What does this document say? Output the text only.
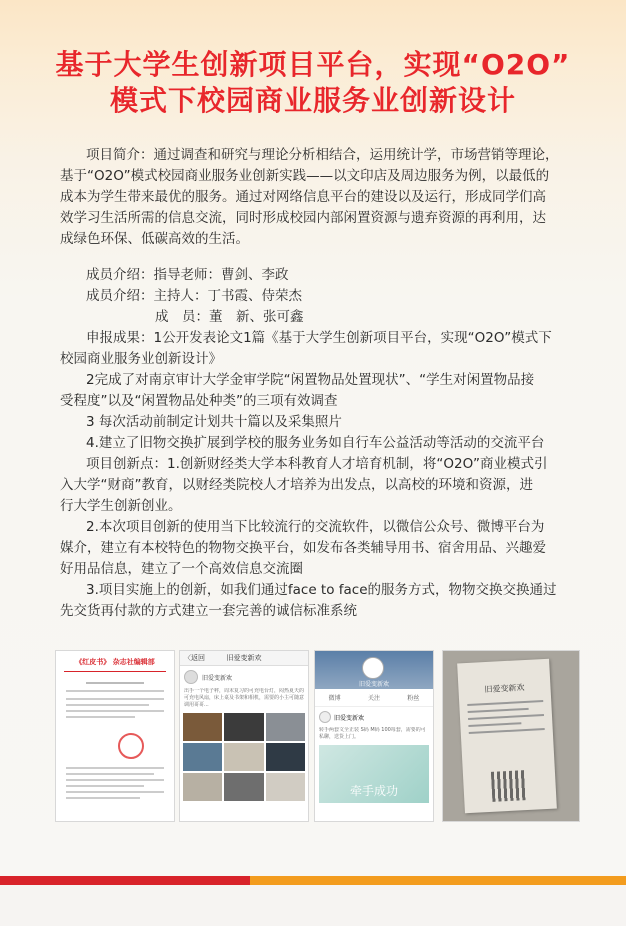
基于大学生创新项目平台，实现“O2O”
模式下校园商业服务业创新设计
项目简介：通过调查和研究与理论分析相结合，运用统计学，市场营销等理论，
基于“O2O”模式校园商业服务业创新实践——以文印店及周边服务为例，以最低的
成本为学生带来最优的服务。通过对网络信息平台的建设以及运行，形成同学们高
效学习生活所需的信息交流，同时形成校园内部闲置资源与遗弃资源的再利用，达
成绿色环保、低碳高效的生活。
成员介绍：指导老师：曹剑、李政
成员介绍：主持人：丁书霞、侍荣杰
成　员：董　新、张可鑫
申报成果：1公开发表论文1篇《基于大学生创新项目平台，实现“O2O”模式下
校园商业服务业创新设计》
2完成了对南京审计大学金审学院“闲置物品处置现状”、“学生对闲置物品接
受程度”以及“闲置物品处种类”的三项有效调查
3 每次活动前制定计划共十篇以及采集照片
4.建立了旧物交换扩展到学校的服务业务如自行车公益活动等活动的交流平台
项目创新点：1.创新财经类大学本科教育人才培育机制，将“O2O”商业模式引
入大学“财商”教育，以财经类院校人才培养为出发点，以高校的环境和资源，进
行大学生创新创业。
2.本次项目创新的使用当下比较流行的交流软件，以微信公众号、微博平台为
媒介，建立有本校特色的物物交换平台，如发布各类辅导用书、宿舍用品、兴趣爱
好用品信息，建立了一个高效信息交流圈
3.项目实施上的创新，如我们通过face to face的服务方式，物物交换交换通过
先交货再付款的方式建立一套完善的诚信标准系统
《红皮书》 杂志社编辑部	〈返回	旧爱变新欢
旧爱变新欢
出手一个电子秤，周末复习的可充电台灯，闷热夏天的可充电风扇，床上桌及书架和相机，需要的小主可随意调用哥哥...
旧爱变新欢
微博	关注	粉丝
旧爱变新欢
转手两套文全正装 S码 M码 100每套，需要的可私聊，送货上门。
牵手成功
旧爱变新欢
